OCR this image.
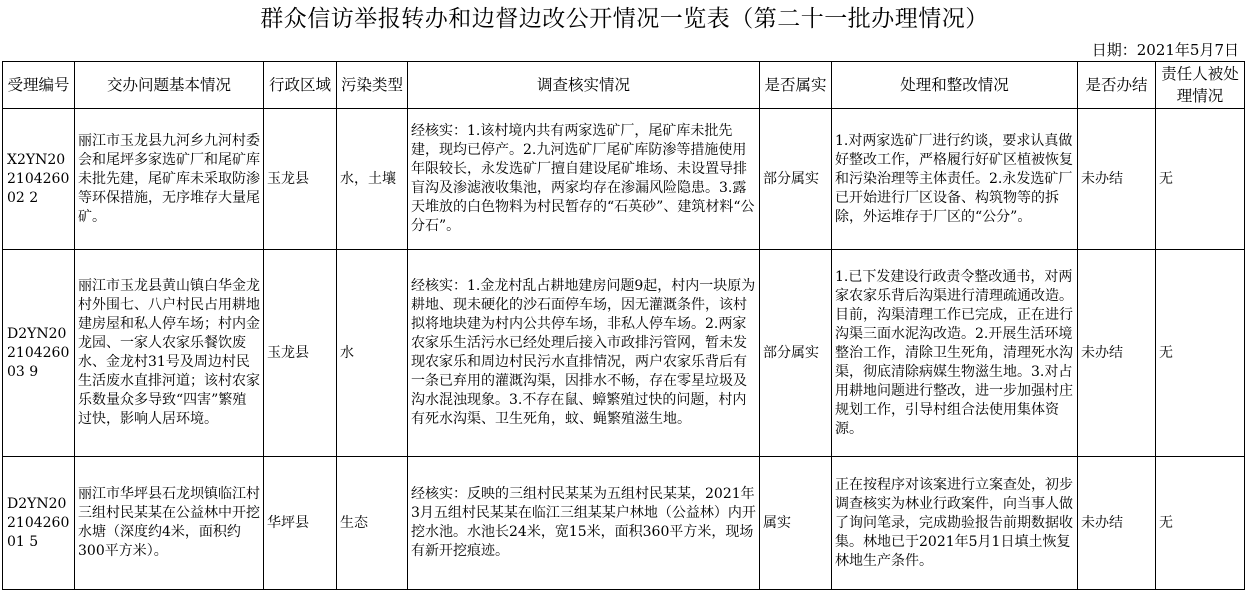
群众信访举报转办和边督边改公开情况一览表（第二十一批办理情况）
日期：2021年5月7日
受理编号	交办问题基本情况	行政区域	污染类型	调查核实情况	是否属实	处理和整改情况	是否办结	责任人被处理情况
X2YN20210426002 2	丽江市玉龙县九河乡九河村委会和尾坪多家选矿厂和尾矿库未批先建，尾矿库未采取防渗等环保措施，无序堆存大量尾矿。	玉龙县	水，土壤	经核实：1.该村境内共有两家选矿厂，尾矿库未批先建，现均已停产。2.九河选矿厂尾矿库防渗等措施使用年限较长，永发选矿厂擅自建设尾矿堆场、未设置导排盲沟及渗滤液收集池，两家均存在渗漏风险隐患。3.露天堆放的白色物料为村民暂存的“石英砂”、建筑材料“公分石”。	部分属实	1.对两家选矿厂进行约谈，要求认真做好整改工作，严格履行好矿区植被恢复和污染治理等主体责任。2.永发选矿厂已开始进行厂区设备、构筑物等的拆除，外运堆存于厂区的“公分”。	未办结	无
D2YN20210426003 9	丽江市玉龙县黄山镇白华金龙村外围七、八户村民占用耕地建房屋和私人停车场；村内金龙园、一家人农家乐餐饮废水、金龙村31号及周边村民生活废水直排河道；该村农家乐数量众多导致“四害”繁殖过快，影响人居环境。	玉龙县	水	经核实：1.金龙村乱占耕地建房问题9起，村内一块原为耕地、现未硬化的沙石面停车场，因无灌溉条件，该村拟将地块建为村内公共停车场，非私人停车场。2.两家农家乐生活污水已经处理后接入市政排污管网，暂未发现农家乐和周边村民污水直排情况，两户农家乐背后有一条已弃用的灌溉沟渠，因排水不畅，存在零星垃圾及沟水混浊现象。3.不存在鼠、蟑繁殖过快的问题，村内有死水沟渠、卫生死角，蚊、蝇繁殖滋生地。	部分属实	1.已下发建设行政责令整改通书，对两家农家乐背后沟渠进行清理疏通改造。目前，沟渠清理工作已完成，正在进行沟渠三面水泥沟改造。2.开展生活环境整治工作，清除卫生死角，清理死水沟渠，彻底清除病媒生物滋生地。3.对占用耕地问题进行整改，进一步加强村庄规划工作，引导村组合法使用集体资源。	未办结	无
D2YN20210426001 5	丽江市华坪县石龙坝镇临江村三组村民某某在公益林中开挖水塘（深度约4米，面积约300平方米）。	华坪县	生态	经核实：反映的三组村民某某为五组村民某某，2021年3月五组村民某某在临江三组某某户林地（公益林）内开挖水池。水池长24米，宽15米，面积360平方米，现场有新开挖痕迹。	属实	正在按程序对该案进行立案查处，初步调查核实为林业行政案件，向当事人做了询问笔录，完成勘验报告前期数据收集。林地已于2021年5月1日填土恢复林地生产条件。	未办结	无
